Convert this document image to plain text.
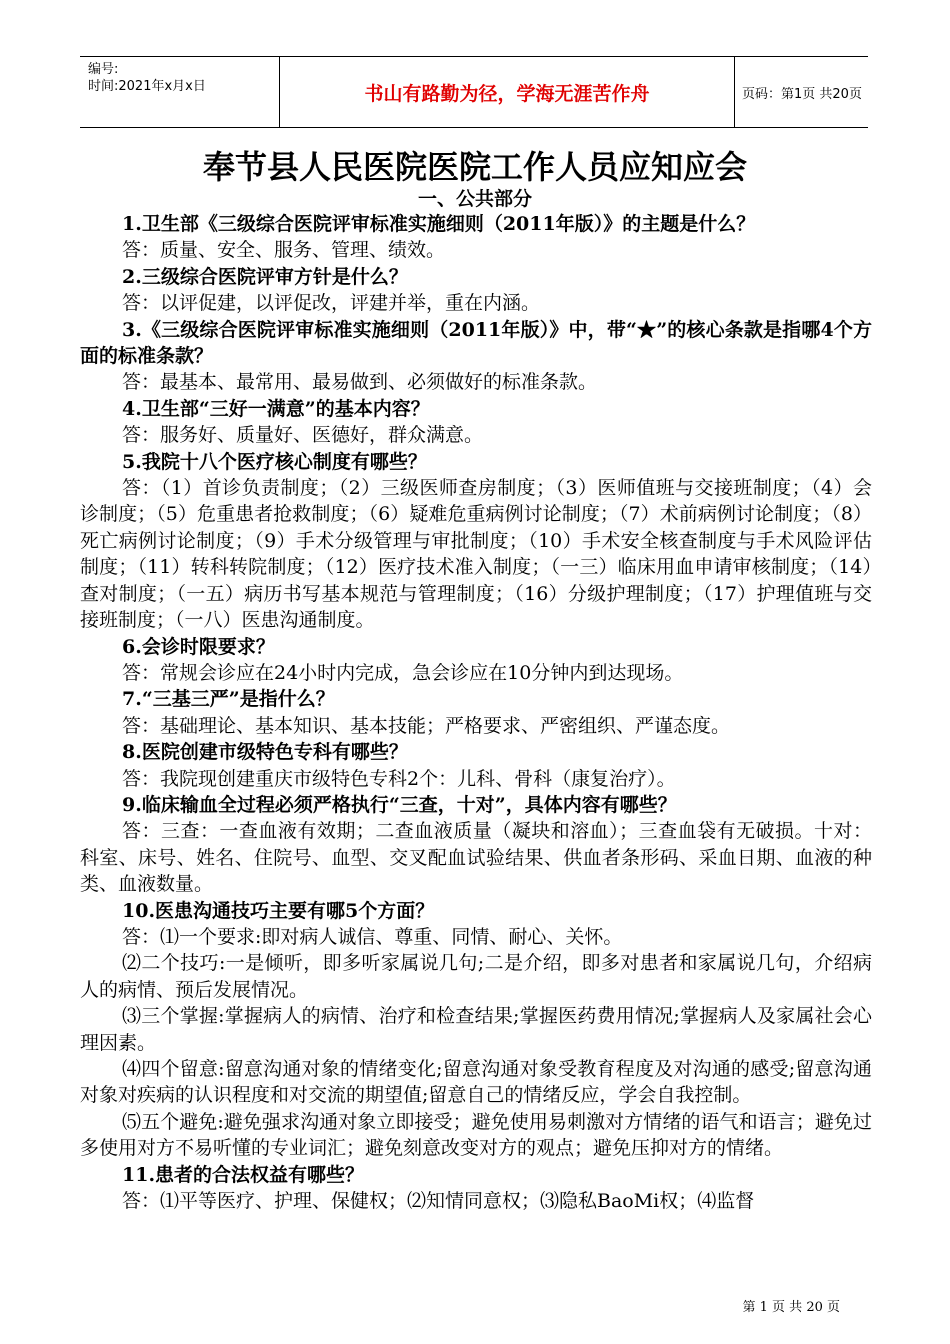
编号:
时间:2021年x月x日	书山有路勤为径，学海无涯苦作舟	页码：第1页 共20页
奉节县人民医院医院工作人员应知应会
一、公共部分

1.卫生部《三级综合医院评审标准实施细则（2011年版）》的主题是什么？

答：质量、安全、服务、管理、绩效。

2.三级综合医院评审方针是什么？

答：以评促建，以评促改，评建并举，重在内涵。

3.《三级综合医院评审标准实施细则（2011年版）》中，带“★”的核心条款是指哪4个方面的标准条款？

答：最基本、最常用、最易做到、必须做好的标准条款。

4.卫生部“三好一满意”的基本内容？

答：服务好、质量好、医德好，群众满意。

5.我院十八个医疗核心制度有哪些？

答：（1）首诊负责制度；（2）三级医师查房制度；（3）医师值班与交接班制度；（4）会诊制度；（5）危重患者抢救制度；（6）疑难危重病例讨论制度；（7）术前病例讨论制度；（8）死亡病例讨论制度；（9）手术分级管理与审批制度；（10）手术安全核查制度与手术风险评估制度；（11）转科转院制度；（12）医疗技术准入制度；（一三）临床用血申请审核制度；（14）查对制度；（一五）病历书写基本规范与管理制度；（16）分级护理制度；（17）护理值班与交接班制度；（一八）医患沟通制度。

6.会诊时限要求？

答：常规会诊应在24小时内完成，急会诊应在10分钟内到达现场。

7.“三基三严”是指什么？

答：基础理论、基本知识、基本技能；严格要求、严密组织、严谨态度。

8.医院创建市级特色专科有哪些？

答：我院现创建重庆市级特色专科2个：儿科、骨科（康复治疗）。

9.临床输血全过程必须严格执行“三查，十对”，具体内容有哪些？

答：三查：一查血液有效期；二查血液质量（凝块和溶血）；三查血袋有无破损。十对：科室、床号、姓名、住院号、血型、交叉配血试验结果、供血者条形码、采血日期、血液的种类、血液数量。

10.医患沟通技巧主要有哪5个方面？

答：⑴一个要求:即对病人诚信、尊重、同情、耐心、关怀。

⑵二个技巧:一是倾听，即多听家属说几句;二是介绍，即多对患者和家属说几句，介绍病人的病情、预后发展情况。

⑶三个掌握:掌握病人的病情、治疗和检查结果;掌握医药费用情况;掌握病人及家属社会心理因素。

⑷四个留意:留意沟通对象的情绪变化;留意沟通对象受教育程度及对沟通的感受;留意沟通对象对疾病的认识程度和对交流的期望值;留意自己的情绪反应，学会自我控制。

⑸五个避免:避免强求沟通对象立即接受；避免使用易刺激对方情绪的语气和语言；避免过多使用对方不易听懂的专业词汇；避免刻意改变对方的观点；避免压抑对方的情绪。

11.患者的合法权益有哪些？

答：⑴平等医疗、护理、保健权；⑵知情同意权；⑶隐私BaoMi权；⑷监督

第 1 页 共 20 页
